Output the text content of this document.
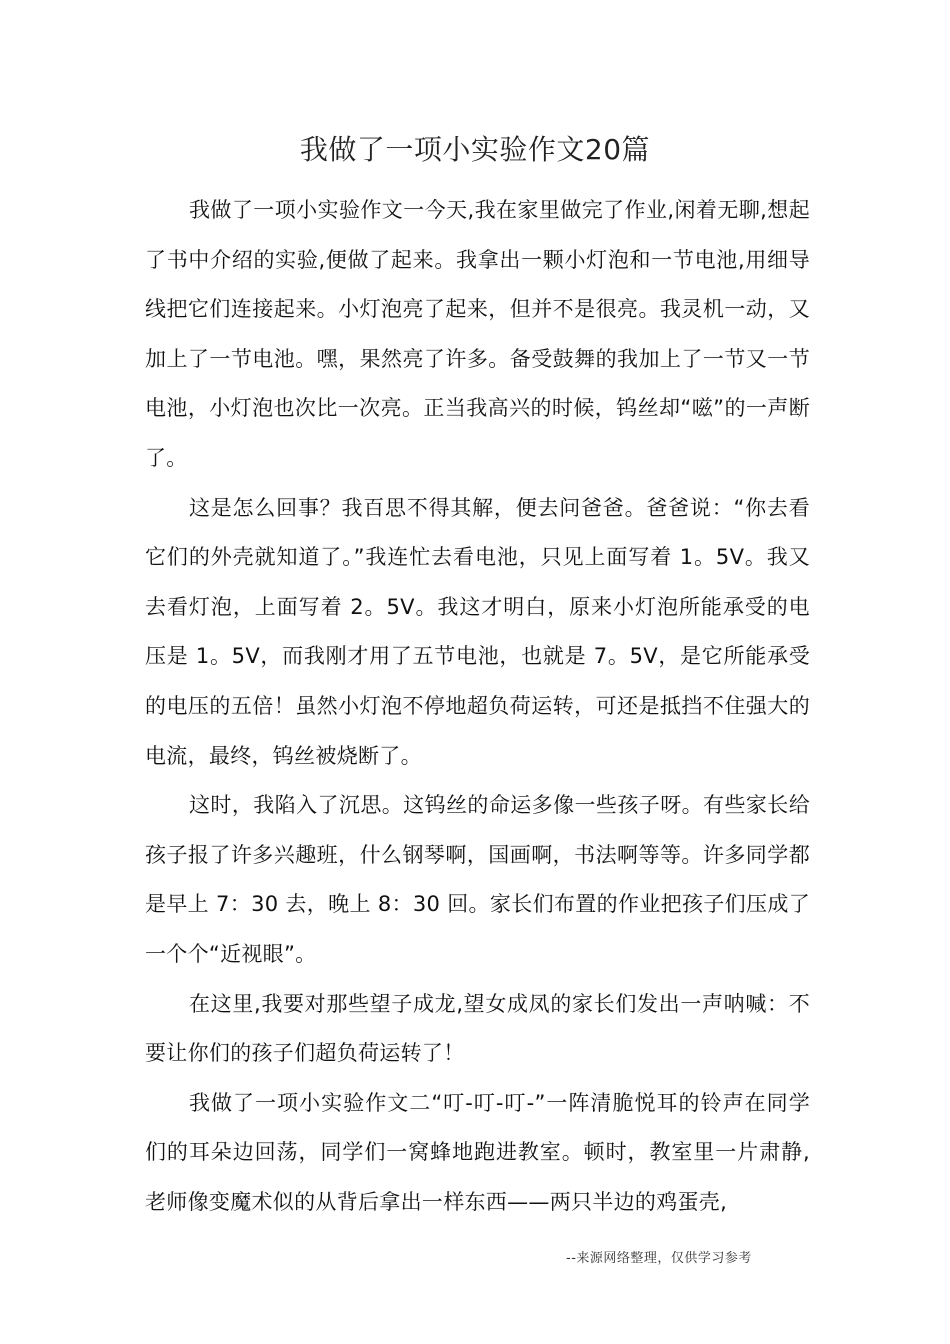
我做了一项小实验作文20篇

我做了一项小实验作文一今天,我在家里做完了作业,闲着无聊,想起了书中介绍的实验,便做了起来。我拿出一颗小灯泡和一节电池,用细导线把它们连接起来。小灯泡亮了起来，但并不是很亮。我灵机一动，又加上了一节电池。嘿，果然亮了许多。备受鼓舞的我加上了一节又一节电池，小灯泡也次比一次亮。正当我高兴的时候，钨丝却“嗞”的一声断了。

这是怎么回事？我百思不得其解，便去问爸爸。爸爸说：“你去看它们的外壳就知道了。”我连忙去看电池，只见上面写着 1。5V。我又去看灯泡，上面写着 2。5V。我这才明白，原来小灯泡所能承受的电压是 1。5V，而我刚才用了五节电池，也就是 7。5V，是它所能承受的电压的五倍！虽然小灯泡不停地超负荷运转，可还是抵挡不住强大的电流，最终，钨丝被烧断了。

这时，我陷入了沉思。这钨丝的命运多像一些孩子呀。有些家长给孩子报了许多兴趣班，什么钢琴啊，国画啊，书法啊等等。许多同学都是早上 7：30 去，晚上 8：30 回。家长们布置的作业把孩子们压成了一个个“近视眼”。

在这里,我要对那些望子成龙,望女成凤的家长们发出一声呐喊：不要让你们的孩子们超负荷运转了！

我做了一项小实验作文二“叮-叮-叮-”一阵清脆悦耳的铃声在同学们的耳朵边回荡，同学们一窝蜂地跑进教室。顿时，教室里一片肃静,老师像变魔术似的从背后拿出一样东西——两只半边的鸡蛋壳,

--来源网络整理，仅供学习参考
